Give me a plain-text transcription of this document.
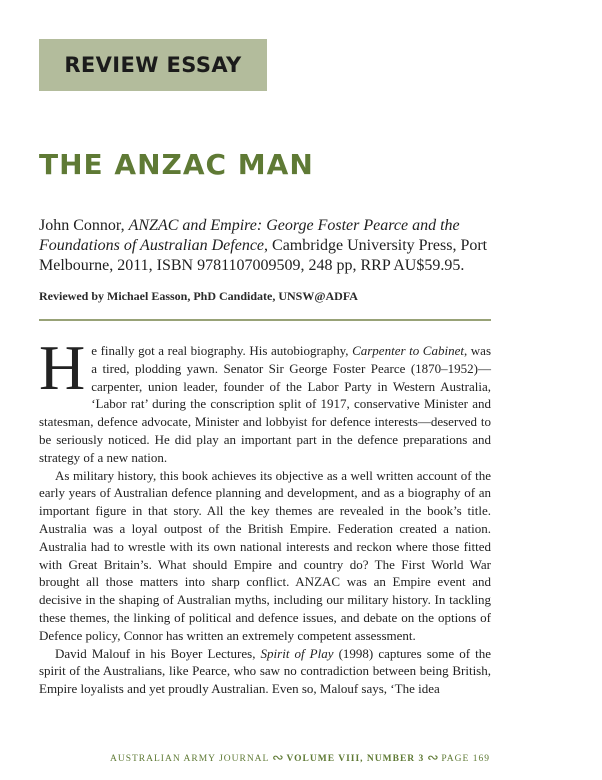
REVIEW ESSAY
THE ANZAC MAN
John Connor, ANZAC and Empire: George Foster Pearce and the Foundations of Australian Defence, Cambridge University Press, Port Melbourne, 2011, ISBN 9781107009509, 248 pp, RRP AU$59.95.
Reviewed by Michael Easson, PhD Candidate, UNSW@ADFA

He finally got a real biography. His autobiography, Carpenter to Cabinet, was a tired, plodding yawn. Senator Sir George Foster Pearce (1870–1952)—carpenter, union leader, founder of the Labor Party in Western Australia, ‘Labor rat’ during the conscription split of 1917, conservative Minister and statesman, defence advocate, Minister and lobbyist for defence interests—deserved to be seriously noticed. He did play an important part in the defence preparations and strategy of a new nation.

As military history, this book achieves its objective as a well written account of the early years of Australian defence planning and development, and as a biography of an important figure in that story. All the key themes are revealed in the book’s title. Australia was a loyal outpost of the British Empire. Federation created a nation. Australia had to wrestle with its own national interests and reckon where those fitted with Great Britain’s. What should Empire and country do? The First World War brought all those matters into sharp conflict. ANZAC was an Empire event and decisive in the shaping of Australian myths, including our military history. In tackling these themes, the linking of political and defence issues, and debate on the options of Defence policy, Connor has written an extremely competent assessment.

David Malouf in his Boyer Lectures, Spirit of Play (1998) captures some of the spirit of the Australians, like Pearce, who saw no contradiction between being British, Empire loyalists and yet proudly Australian. Even so, Malouf says, ‘The idea

AUSTRALIAN ARMY JOURNAL ∾ VOLUME VIII, NUMBER 3 ∾ PAGE 169
